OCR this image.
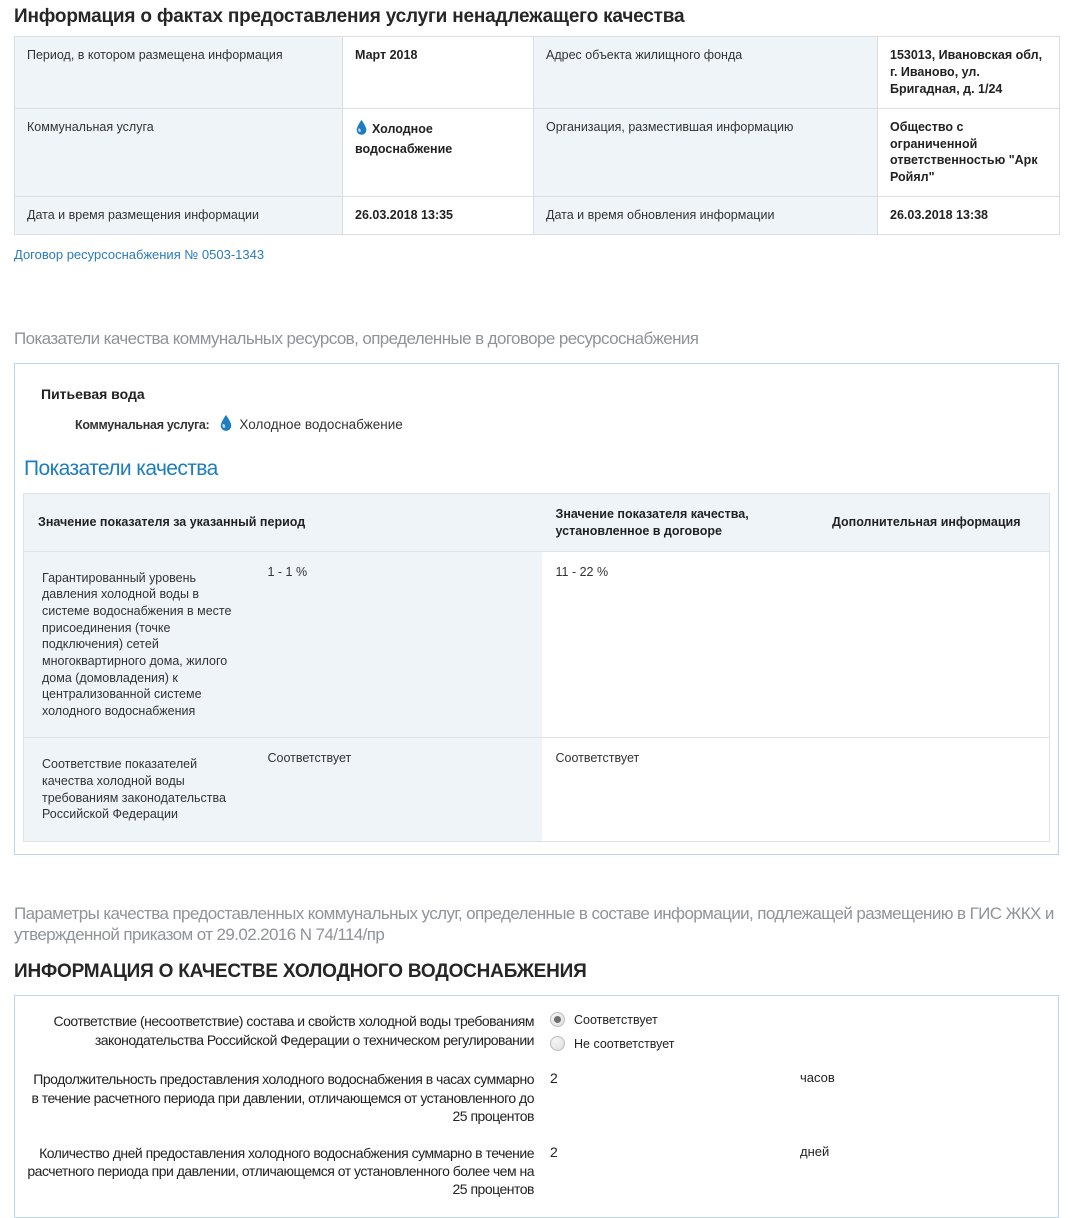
Информация о фактах предоставления услуги ненадлежащего качества
Период, в котором размещена информация	Март 2018	Адрес объекта жилищного фонда	153013, Ивановская обл, г. Иваново, ул. Бригадная, д. 1/24
Коммунальная услуга	Холодное водоснабжение	Организация, разместившая информацию	Общество с ограниченной ответственностью "Арк Ройял"
Дата и время размещения информации	26.03.2018 13:35	Дата и время обновления информации	26.03.2018 13:38
Договор ресурсоснабжения № 0503-1343
Показатели качества коммунальных ресурсов, определенные в договоре ресурсоснабжения
Питьевая вода
Коммунальная услуга: Холодное водоснабжение
Показатели качества
Значение показателя за указанный период		Значение показателя качества, установленное в договоре	Дополнительная информация
Гарантированный уровень давления холодной воды в системе водоснабжения в месте присоединения (точке подключения) сетей многоквартирного дома, жилого дома (домовладения) к централизованной системе холодного водоснабжения	1 - 1 %	11 - 22 %	
Соответствие показателей качества холодной воды требованиям законодательства Российской Федерации	Соответствует	Соответствует	
Параметры качества предоставленных коммунальных услуг, определенные в составе информации, подлежащей размещению в ГИС ЖКХ и утвержденной приказом от 29.02.2016 N 74/114/пр
ИНФОРМАЦИЯ О КАЧЕСТВЕ ХОЛОДНОГО ВОДОСНАБЖЕНИЯ
Соответствие (несоответствие) состава и свойств холодной воды требованиям законодательства Российской Федерации о техническом регулировании
Соответствует
Не соответствует
Продолжительность предоставления холодного водоснабжения в часах суммарно в течение расчетного периода при давлении, отличающемся от установленного до 25 процентов
2	часов
Количество дней предоставления холодного водоснабжения суммарно в течение расчетного периода при давлении, отличающемся от установленного более чем на 25 процентов
2	дней
